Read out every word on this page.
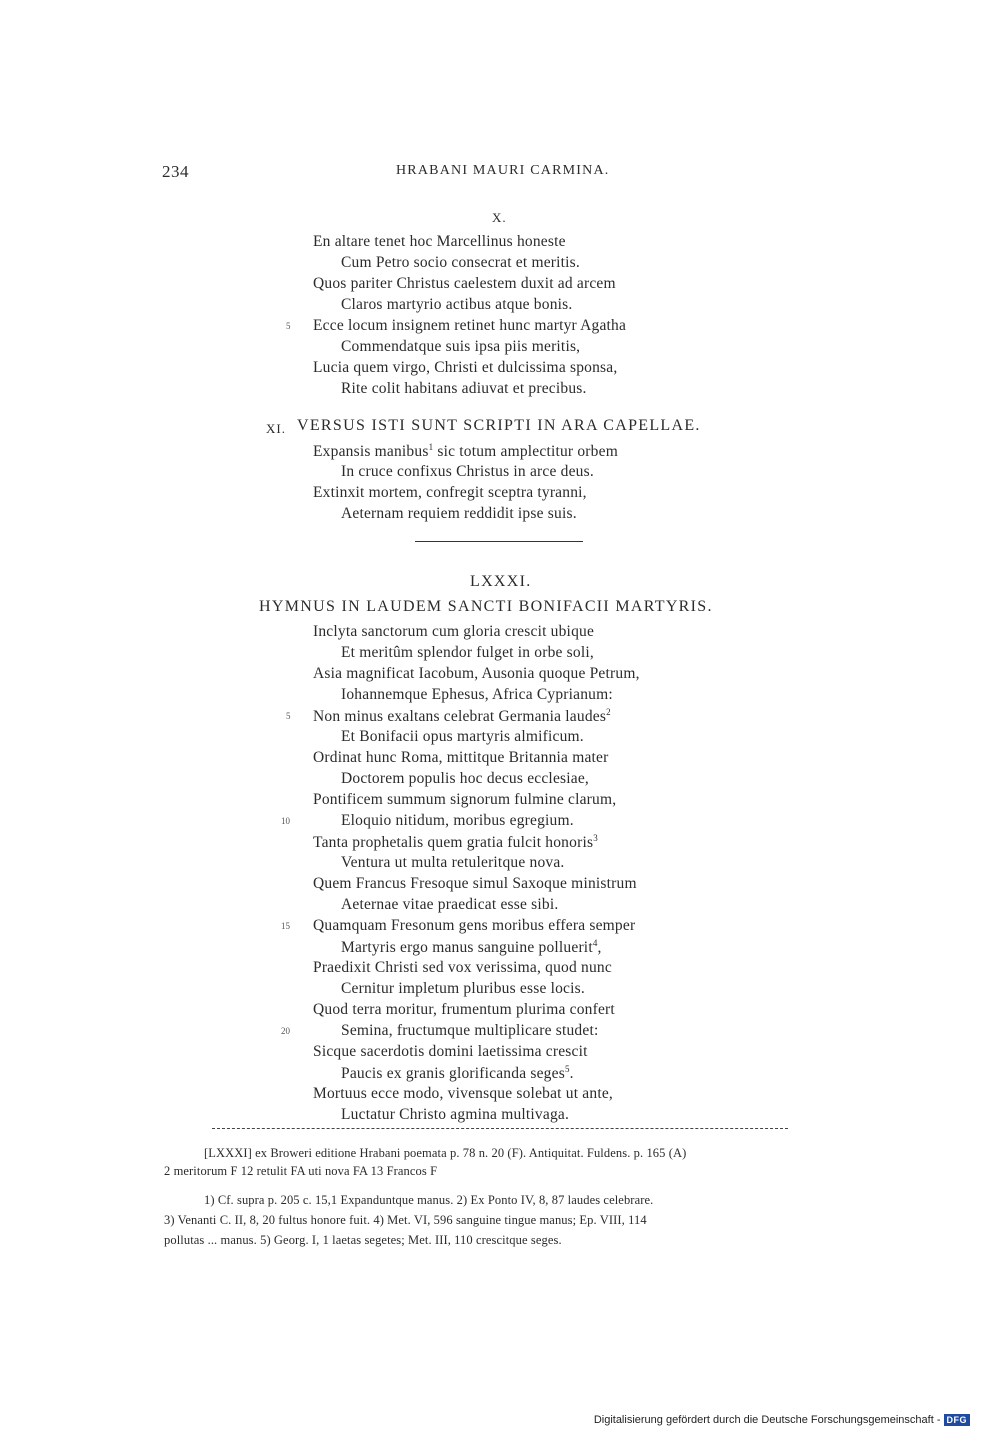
234	HRABANI MAURI CARMINA.
X.
En altare tenet hoc Marcellinus honeste
Cum Petro socio consecrat et meritis.
Quos pariter Christus caelestem duxit ad arcem
Claros martyrio actibus atque bonis.
5 Ecce locum insignem retinet hunc martyr Agatha
Commendatque suis ipsa piis meritis,
Lucia quem virgo, Christi et dulcissima sponsa,
Rite colit habitans adiuvat et precibus.
XI. VERSUS ISTI SUNT SCRIPTI IN ARA CAPELLAE.
Expansis manibus$^1$ sic totum amplectitur orbem
In cruce confixus Christus in arce deus.
Extinxit mortem, confregit sceptra tyranni,
Aeternam requiem reddidit ipse suis.
LXXXI.
HYMNUS IN LAUDEM SANCTI BONIFACII MARTYRIS.
Inclyta sanctorum cum gloria crescit ubique
Et meritûm splendor fulget in orbe soli,
Asia magnificat Iacobum, Ausonia quoque Petrum,
Iohannemque Ephesus, Africa Cyprianum:
5 Non minus exaltans celebrat Germania laudes$^2$
Et Bonifacii opus martyris almificum.
Ordinat hunc Roma, mittitque Britannia mater
Doctorem populis hoc decus ecclesiae,
Pontificem summum signorum fulmine clarum,
10	Eloquio nitidum, moribus egregium.
Tanta prophetalis quem gratia fulcit honoris$^3$
Ventura ut multa retuleritque nova.
Quem Francus Fresoque simul Saxoque ministrum
Aeternae vitae praedicat esse sibi.
15 Quamquam Fresonum gens moribus effera semper
Martyris ergo manus sanguine polluerit$^4$,
Praedixit Christi sed vox verissima, quod nunc
Cernitur impletum pluribus esse locis.
Quod terra moritur, frumentum plurima confert
20	Semina, fructumque multiplicare studet:
Sicque sacerdotis domini laetissima crescit
Paucis ex granis glorificanda seges$^5$.
Mortuus ecce modo, vivensque solebat ut ante,
Luctatur Christo agmina multivaga.
[LXXXI] ex Broweri editione Hrabani poemata p. 78 n. 20 (F). Antiquitat. Fuldens. p. 165 (A)
2 meritorum F 12 retulit FA uti nova FA 13 Francos F
1) Cf. supra p. 205 c. 15,1 Expanduntque manus. 2) Ex Ponto IV, 8, 87 laudes celebrare.
3) Venanti C. II, 8, 20 fultus honore fuit. 4) Met. VI, 596 sanguine tingue manus; Ep. VIII, 114
pollutas ... manus. 5) Georg. I, 1 laetas segetes; Met. III, 110 crescitque seges.
Digitalisierung gefördert durch die Deutsche Forschungsgemeinschaft - DFG
